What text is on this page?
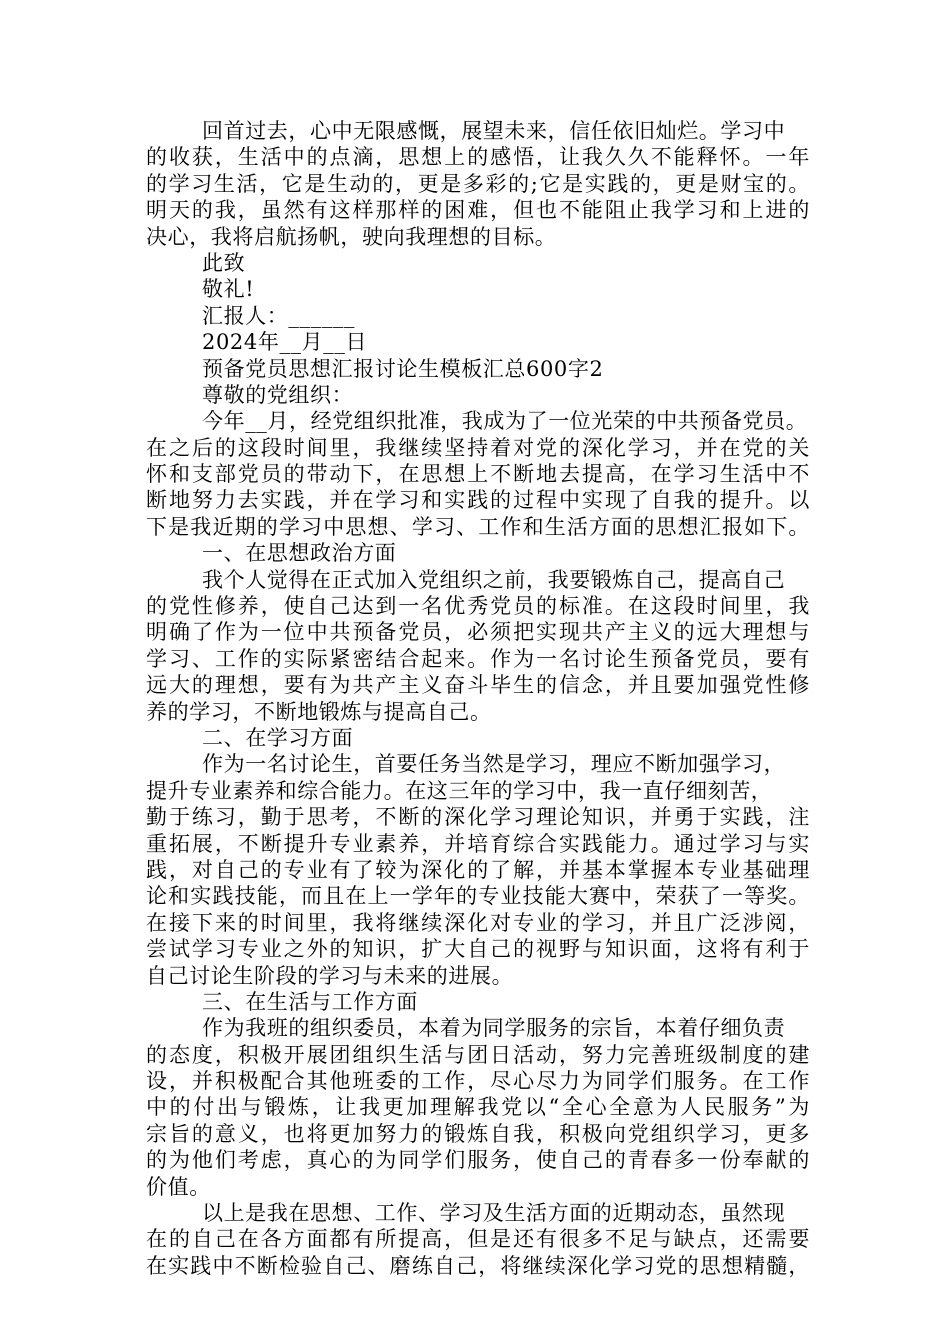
回首过去，心中无限感慨，展望未来，信任依旧灿烂。学习中
的收获，生活中的点滴，思想上的感悟，让我久久不能释怀。一年
的学习生活，它是生动的，更是多彩的;它是实践的，更是财宝的。
明天的我，虽然有这样那样的困难，但也不能阻止我学习和上进的
决心，我将启航扬帆，驶向我理想的目标。
此致
敬礼!
汇报人：______
2024年__月__日
预备党员思想汇报讨论生模板汇总600字2
尊敬的党组织：
今年__月，经党组织批准，我成为了一位光荣的中共预备党员。
在之后的这段时间里，我继续坚持着对党的深化学习，并在党的关
怀和支部党员的带动下，在思想上不断地去提高，在学习生活中不
断地努力去实践，并在学习和实践的过程中实现了自我的提升。以
下是我近期的学习中思想、学习、工作和生活方面的思想汇报如下。
一、在思想政治方面
我个人觉得在正式加入党组织之前，我要锻炼自己，提高自己
的党性修养，使自己达到一名优秀党员的标准。在这段时间里，我
明确了作为一位中共预备党员，必须把实现共产主义的远大理想与
学习、工作的实际紧密结合起来。作为一名讨论生预备党员，要有
远大的理想，要有为共产主义奋斗毕生的信念，并且要加强党性修
养的学习，不断地锻炼与提高自己。
二、在学习方面
作为一名讨论生，首要任务当然是学习，理应不断加强学习，
提升专业素养和综合能力。在这三年的学习中，我一直仔细刻苦，
勤于练习，勤于思考，不断的深化学习理论知识，并勇于实践，注
重拓展，不断提升专业素养，并培育综合实践能力。通过学习与实
践，对自己的专业有了较为深化的了解，并基本掌握本专业基础理
论和实践技能，而且在上一学年的专业技能大赛中，荣获了一等奖。
在接下来的时间里，我将继续深化对专业的学习，并且广泛涉阅，
尝试学习专业之外的知识，扩大自己的视野与知识面，这将有利于
自己讨论生阶段的学习与未来的进展。
三、在生活与工作方面
作为我班的组织委员，本着为同学服务的宗旨，本着仔细负责
的态度，积极开展团组织生活与团日活动，努力完善班级制度的建
设，并积极配合其他班委的工作，尽心尽力为同学们服务。在工作
中的付出与锻炼，让我更加理解我党以“全心全意为人民服务”为
宗旨的意义，也将更加努力的锻炼自我，积极向党组织学习，更多
的为他们考虑，真心的为同学们服务，使自己的青春多一份奉献的
价值。
以上是我在思想、工作、学习及生活方面的近期动态，虽然现
在的自己在各方面都有所提高，但是还有很多不足与缺点，还需要
在实践中不断检验自己、磨练自己，将继续深化学习党的思想精髓，
